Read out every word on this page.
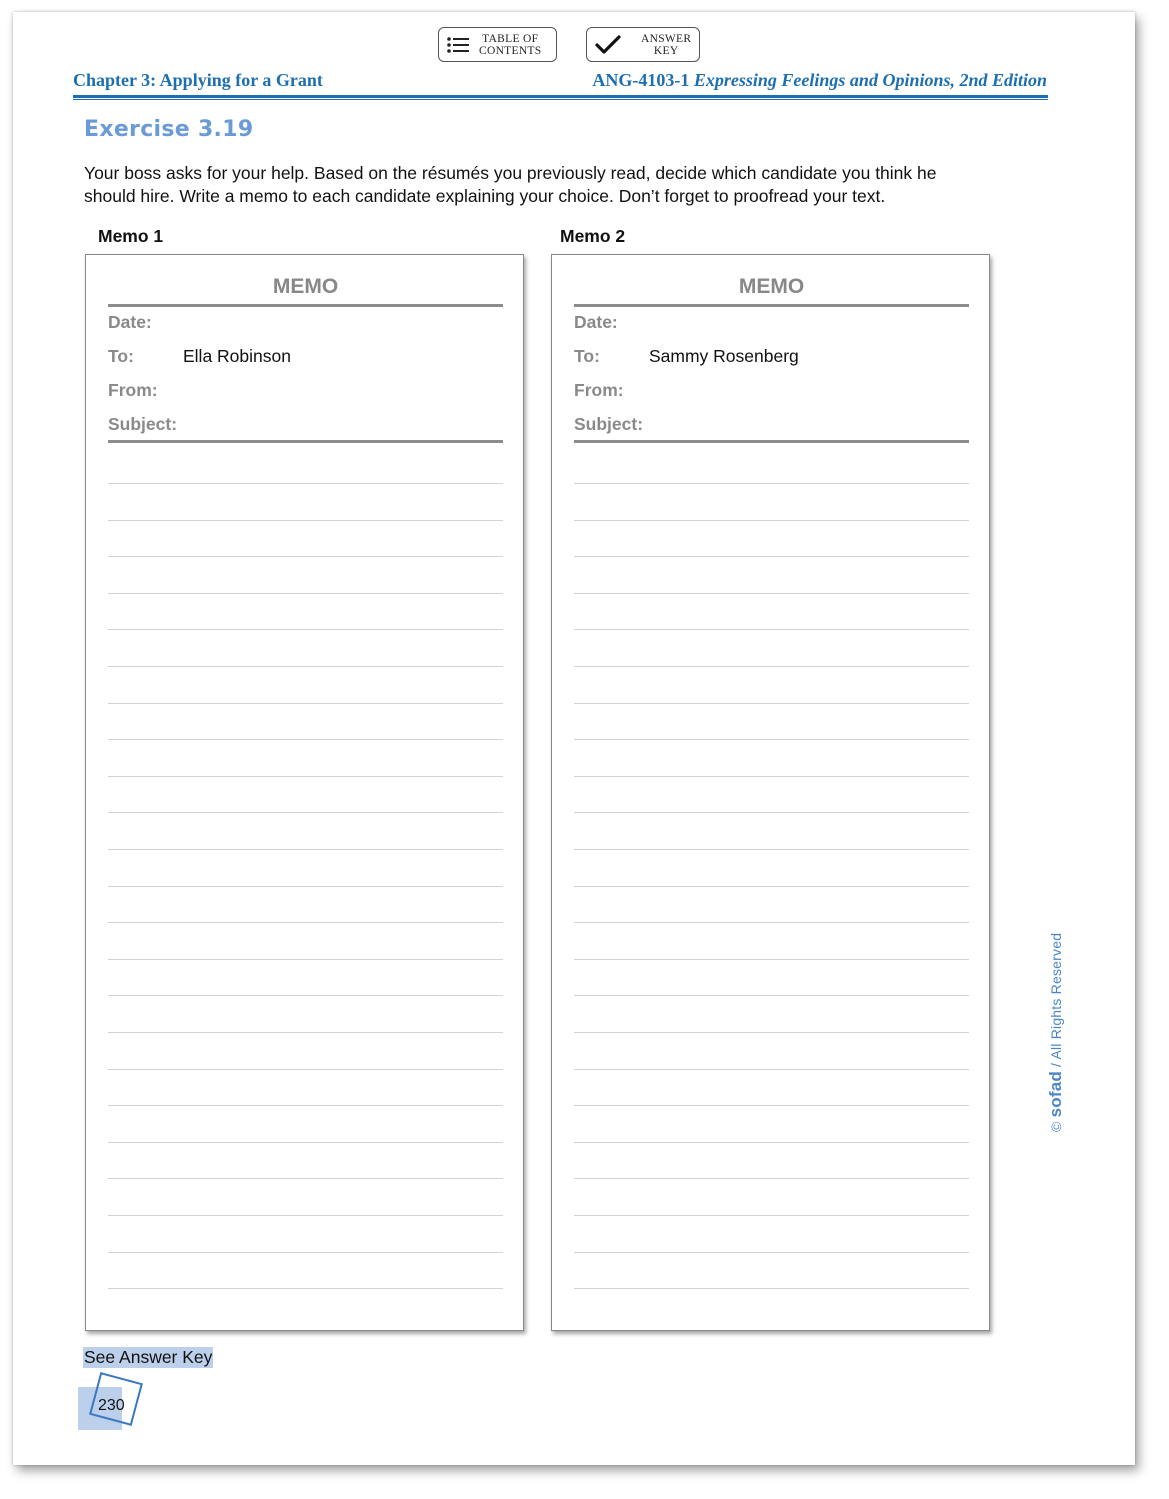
TABLE OF
CONTENTS
ANSWER
KEY
Chapter 3: Applying for a Grant	ANG-4103-1 Expressing Feelings and Opinions, 2nd Edition
Exercise 3.19
Your boss asks for your help. Based on the résumés you previously read, decide which candidate you think he should hire. Write a memo to each candidate explaining your choice. Don’t forget to proofread your text.
Memo 1	Memo 2
MEMO
Date:
To:	Ella Robinson
From:
Subject:
MEMO
Date:
To:	Sammy Rosenberg
From:
Subject:
See Answer Key
230
© sofad / All Rights Reserved
